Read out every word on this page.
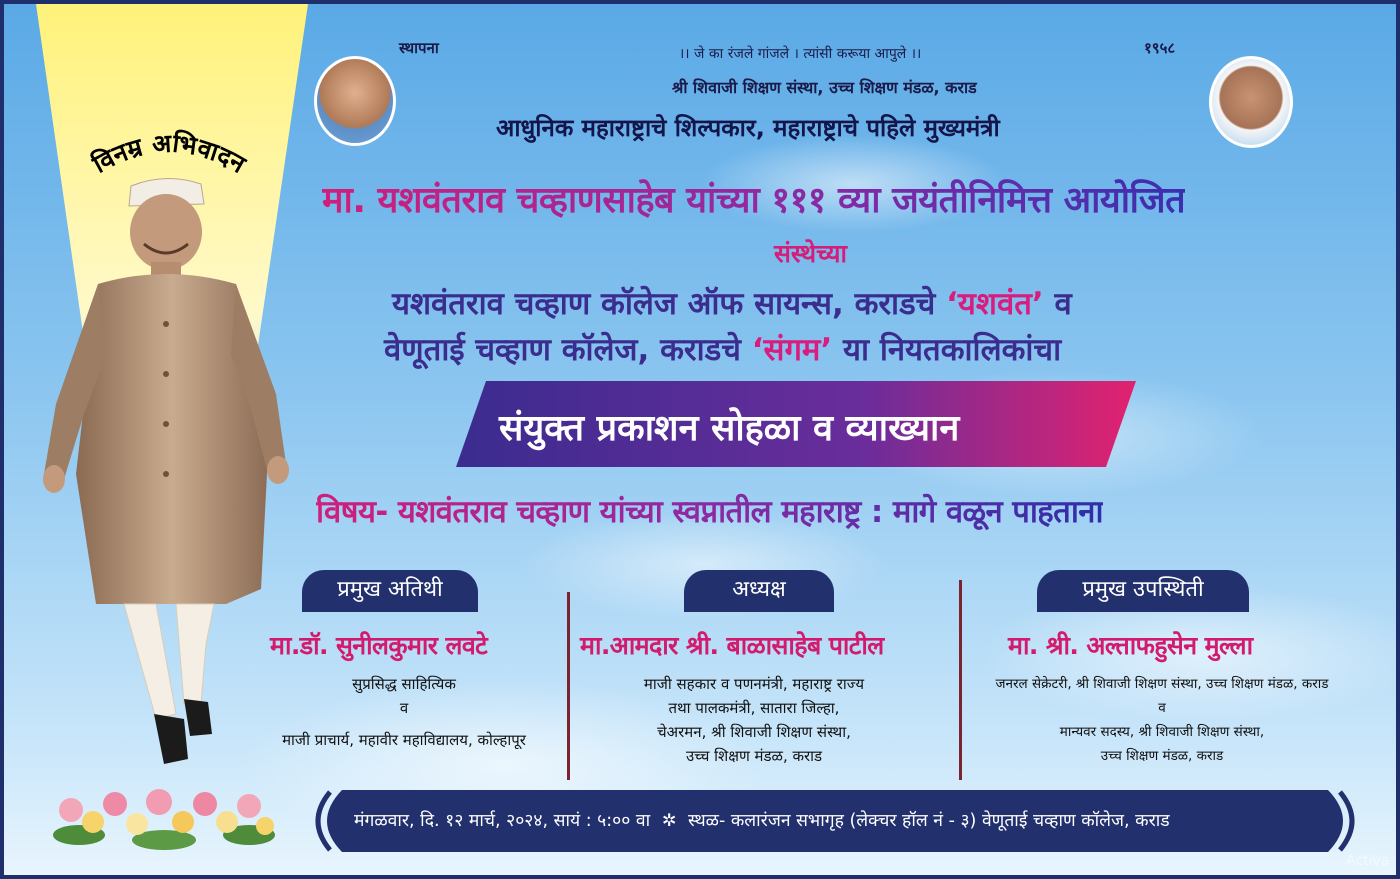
विनम्र अभिवादन
स्थापना	।। जे का रंजले गांजले । त्यांसी करूया आपुले ।।	१९५८
श्री शिवाजी शिक्षण संस्था, उच्च शिक्षण मंडळ, कराड
आधुनिक महाराष्ट्राचे शिल्पकार, महाराष्ट्राचे पहिले मुख्यमंत्री
मा. यशवंतराव चव्हाणसाहेब यांच्या १११ व्या जयंतीनिमित्त आयोजित
संस्थेच्या
यशवंतराव चव्हाण कॉलेज ऑफ सायन्स, कराडचे ‘यशवंत’ व
वेणूताई चव्हाण कॉलेज, कराडचे ‘संगम’ या नियतकालिकांचा
संयुक्त प्रकाशन सोहळा व व्याख्यान
विषय- यशवंतराव चव्हाण यांच्या स्वप्नातील महाराष्ट्र : मागे वळून पाहताना
प्रमुख अतिथी
मा.डॉ. सुनीलकुमार लवटे
सुप्रसिद्ध साहित्यिक
व
माजी प्राचार्य, महावीर महाविद्यालय, कोल्हापूर
अध्यक्ष
मा.आमदार श्री. बाळासाहेब पाटील
माजी सहकार व पणनमंत्री, महाराष्ट्र राज्य
तथा पालकमंत्री, सातारा जिल्हा,
चेअरमन, श्री शिवाजी शिक्षण संस्था,
उच्च शिक्षण मंडळ, कराड
प्रमुख उपस्थिती
मा. श्री. अल्ताफहुसेन मुल्ला
जनरल सेक्रेटरी, श्री शिवाजी शिक्षण संस्था, उच्च शिक्षण मंडळ, कराड
व
मान्यवर सदस्य, श्री शिवाजी शिक्षण संस्था,
उच्च शिक्षण मंडळ, कराड
मंगळवार, दि. १२ मार्च, २०२४, सायं : ५:०० वा ✲ स्थळ- कलारंजन सभागृह (लेक्चर हॉल नं - ३) वेणूताई चव्हाण कॉलेज, कराड
Activa
